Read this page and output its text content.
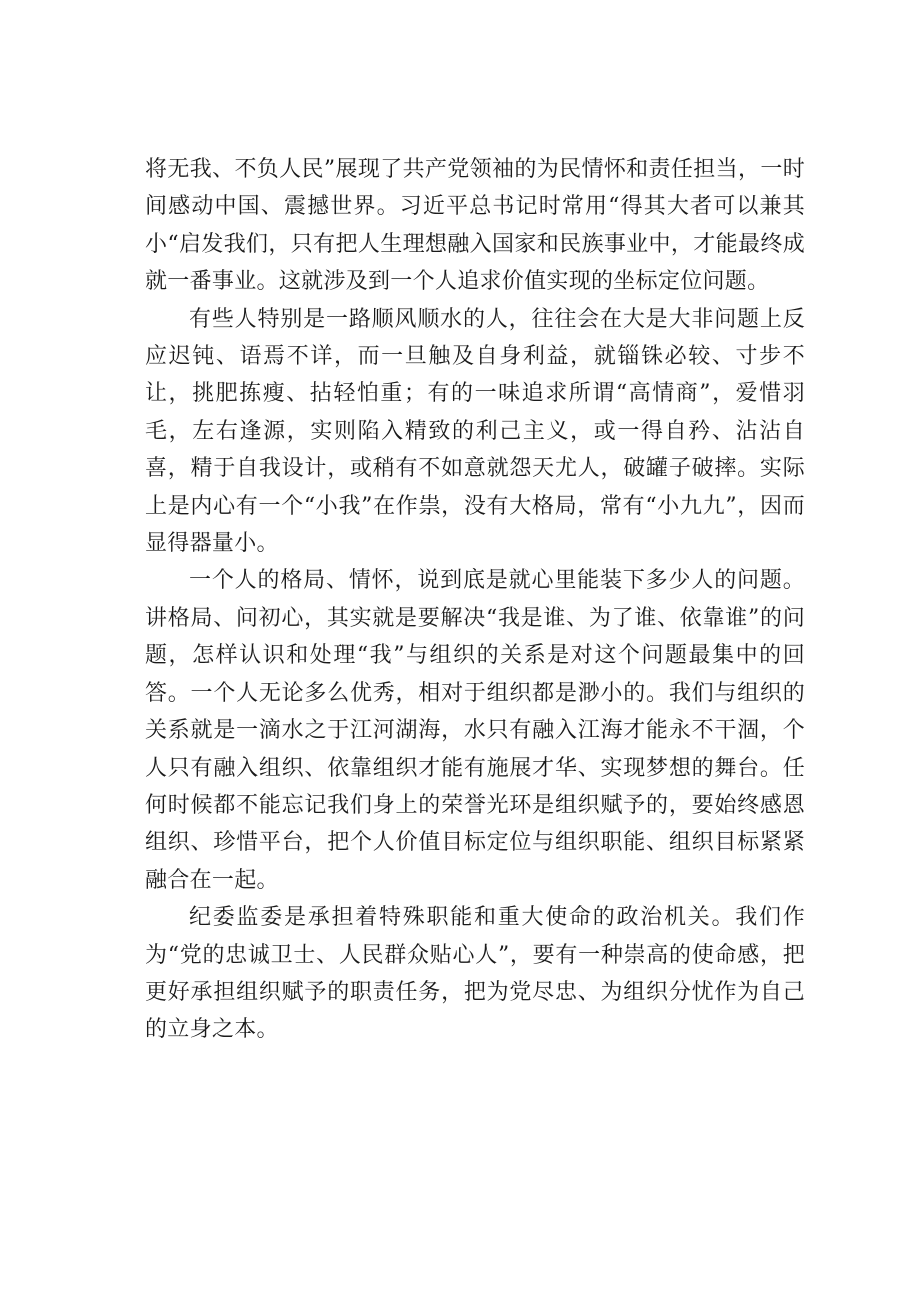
将无我、不负人民”展现了共产党领袖的为民情怀和责任担当，一时间感动中国、震撼世界。习近平总书记时常用“得其大者可以兼其小“启发我们，只有把人生理想融入国家和民族事业中，才能最终成就一番事业。这就涉及到一个人追求价值实现的坐标定位问题。

有些人特别是一路顺风顺水的人，往往会在大是大非问题上反应迟钝、语焉不详，而一旦触及自身利益，就锱铢必较、寸步不让，挑肥拣瘦、拈轻怕重；有的一味追求所谓“高情商”，爱惜羽毛，左右逢源，实则陷入精致的利己主义，或一得自矜、沾沾自喜，精于自我设计，或稍有不如意就怨天尤人，破罐子破摔。实际上是内心有一个“小我”在作祟，没有大格局，常有“小九九”，因而显得器量小。

一个人的格局、情怀，说到底是就心里能装下多少人的问题。讲格局、问初心，其实就是要解决“我是谁、为了谁、依靠谁”的问题，怎样认识和处理“我”与组织的关系是对这个问题最集中的回答。一个人无论多么优秀，相对于组织都是渺小的。我们与组织的关系就是一滴水之于江河湖海，水只有融入江海才能永不干涸，个人只有融入组织、依靠组织才能有施展才华、实现梦想的舞台。任何时候都不能忘记我们身上的荣誉光环是组织赋予的，要始终感恩组织、珍惜平台，把个人价值目标定位与组织职能、组织目标紧紧融合在一起。

纪委监委是承担着特殊职能和重大使命的政治机关。我们作为“党的忠诚卫士、人民群众贴心人”，要有一种崇高的使命感，把更好承担组织赋予的职责任务，把为党尽忠、为组织分忧作为自己的立身之本。
